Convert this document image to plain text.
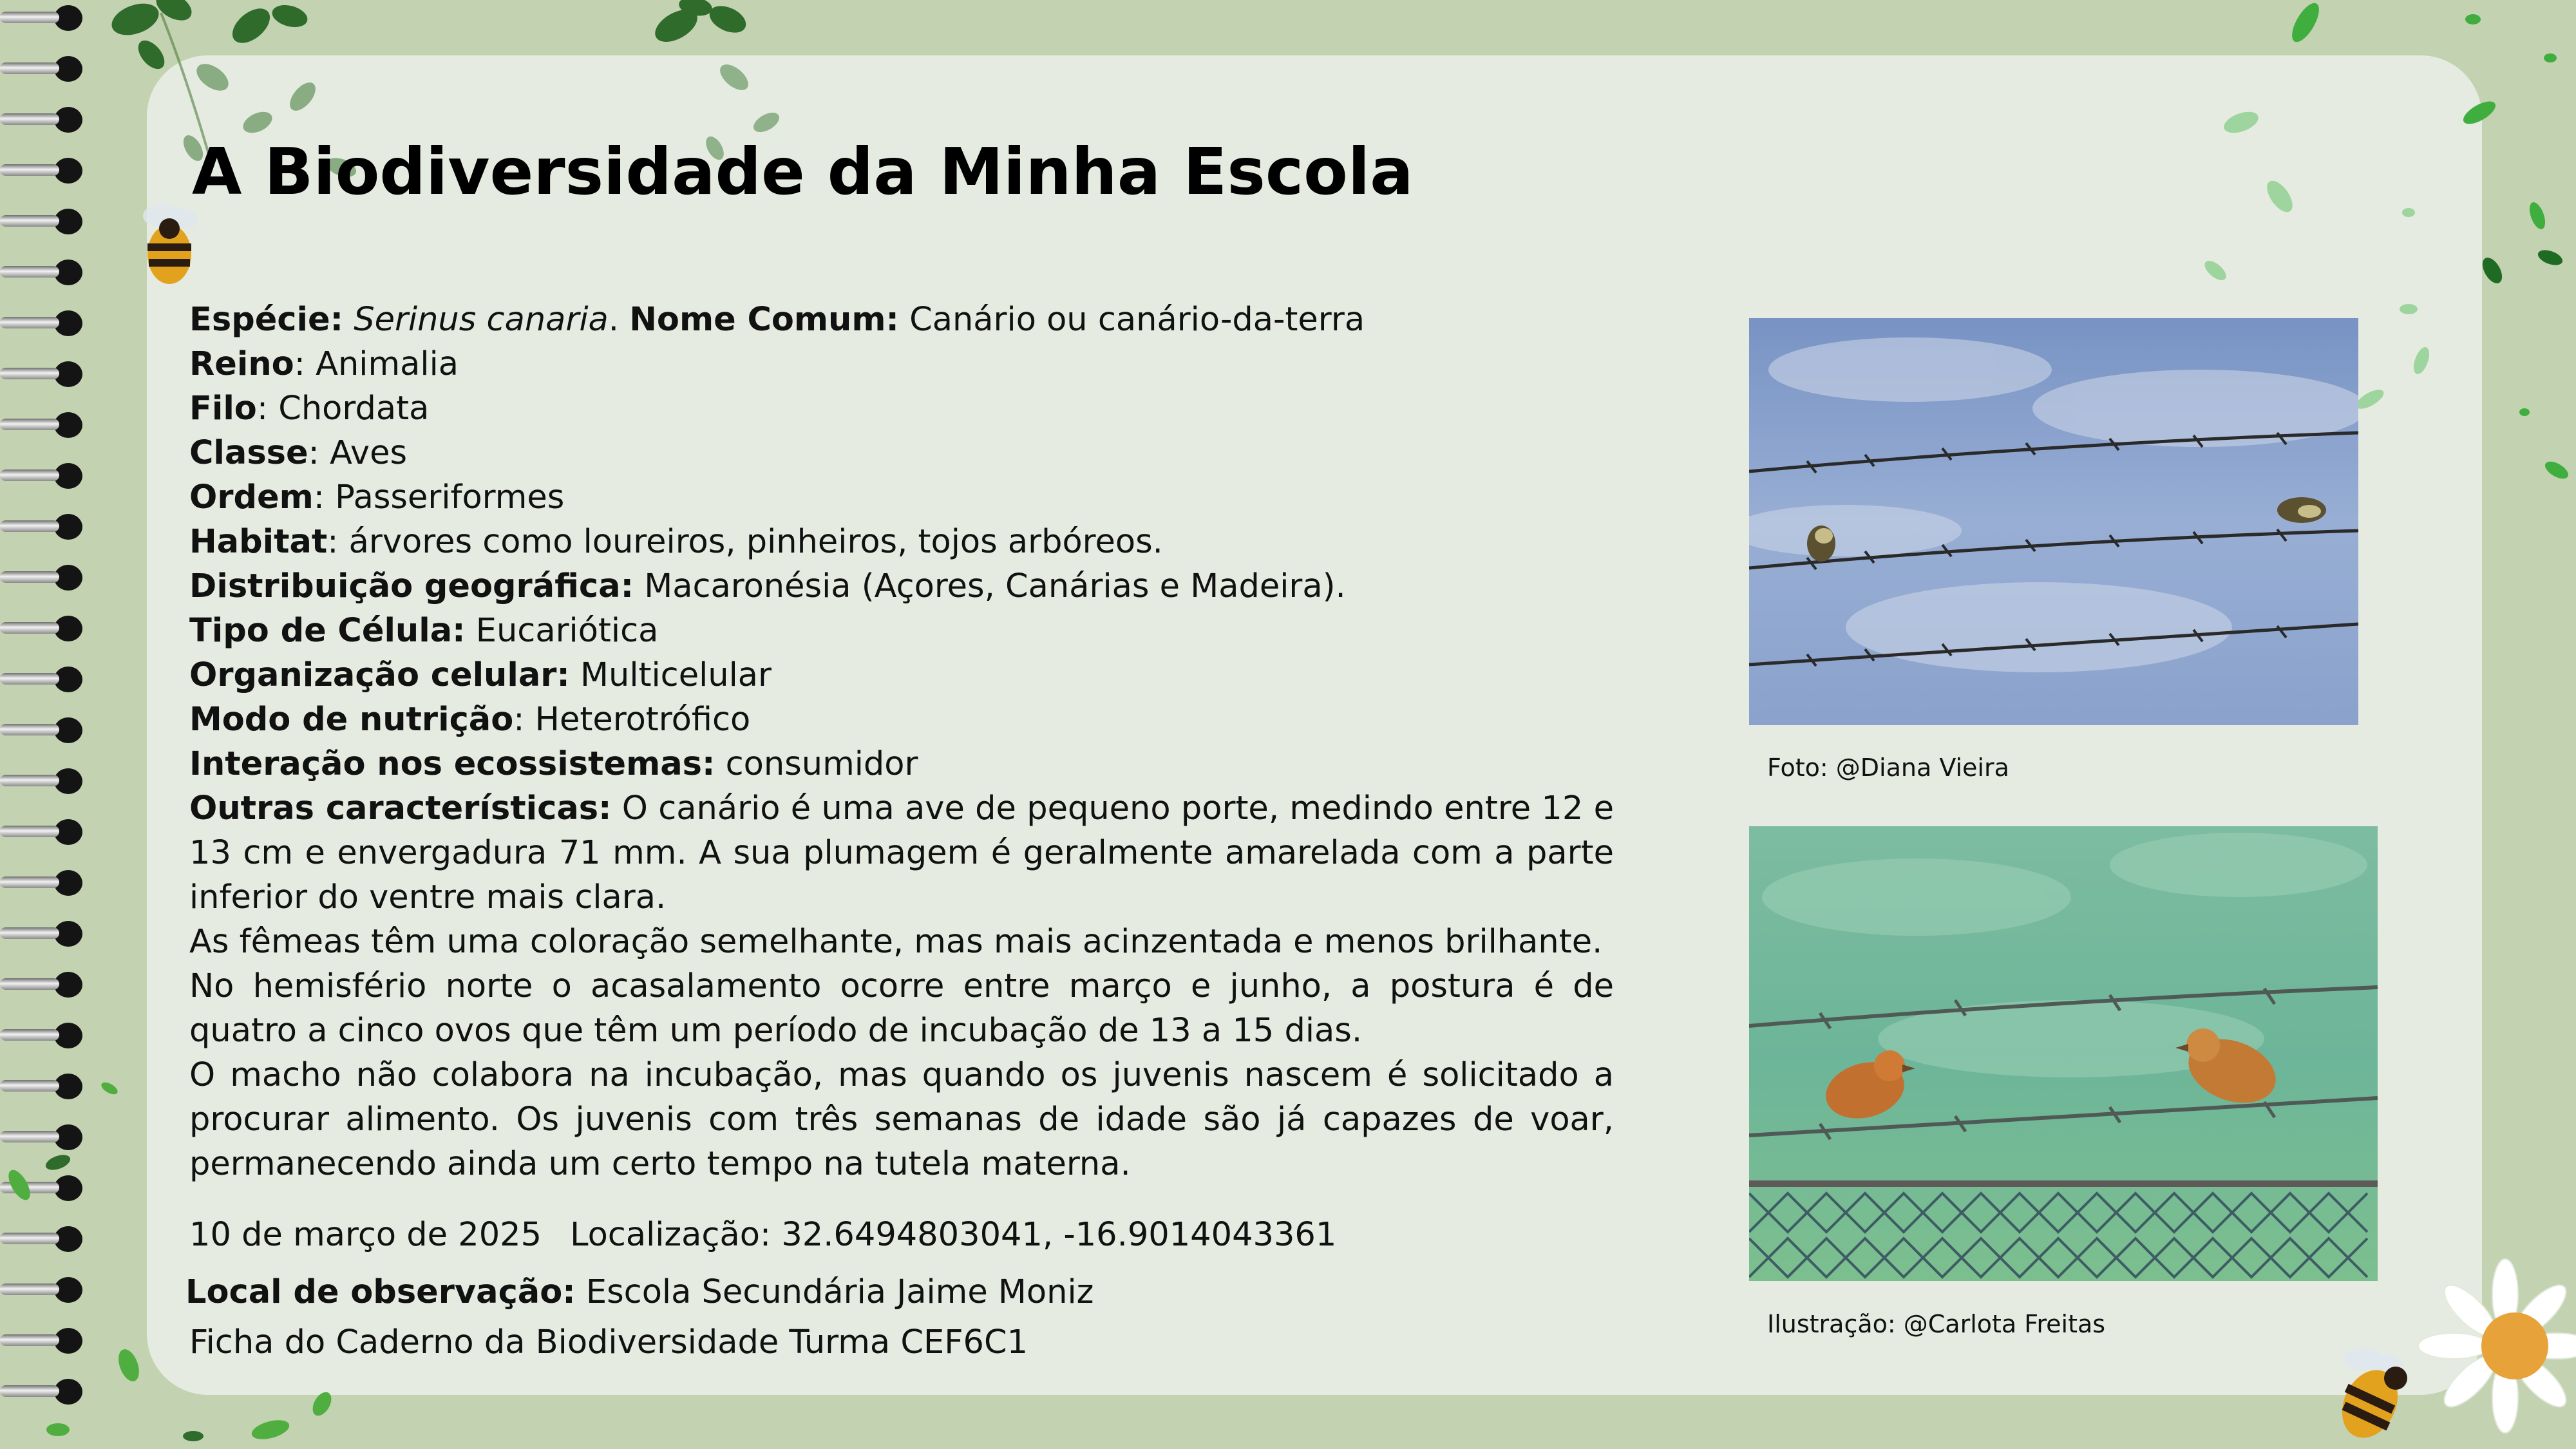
A Biodiversidade da Minha Escola
Espécie: Serinus canaria. Nome Comum: Canário ou canário-da-terra
Reino: Animalia
Filo: Chordata
Classe: Aves
Ordem: Passeriformes
Habitat: árvores como loureiros, pinheiros, tojos arbóreos.
Distribuição geográfica: Macaronésia (Açores, Canárias e Madeira).
Tipo de Célula: Eucariótica
Organização celular: Multicelular
Modo de nutrição: Heterotrófico
Interação nos ecossistemas: consumidor
Outras características: O canário é uma ave de pequeno porte, medindo entre 12 e 13 cm e envergadura 71 mm. A sua plumagem é geralmente amarelada com a parte inferior do ventre mais clara.
As fêmeas têm uma coloração semelhante, mas mais acinzentada e menos brilhante.
No hemisfério norte o acasalamento ocorre entre março e junho, a postura é de quatro a cinco ovos que têm um período de incubação de 13 a 15 dias.
O macho não colabora na incubação, mas quando os juvenis nascem é solicitado a procurar alimento. Os juvenis com três semanas de idade são já capazes de voar, permanecendo ainda um certo tempo na tutela materna.
10 de março de 2025 Localização: 32.6494803041, -16.9014043361
Local de observação: Escola Secundária Jaime Moniz
Ficha do Caderno da Biodiversidade Turma CEF6C1
Foto: @Diana Vieira
Ilustração: @Carlota Freitas
